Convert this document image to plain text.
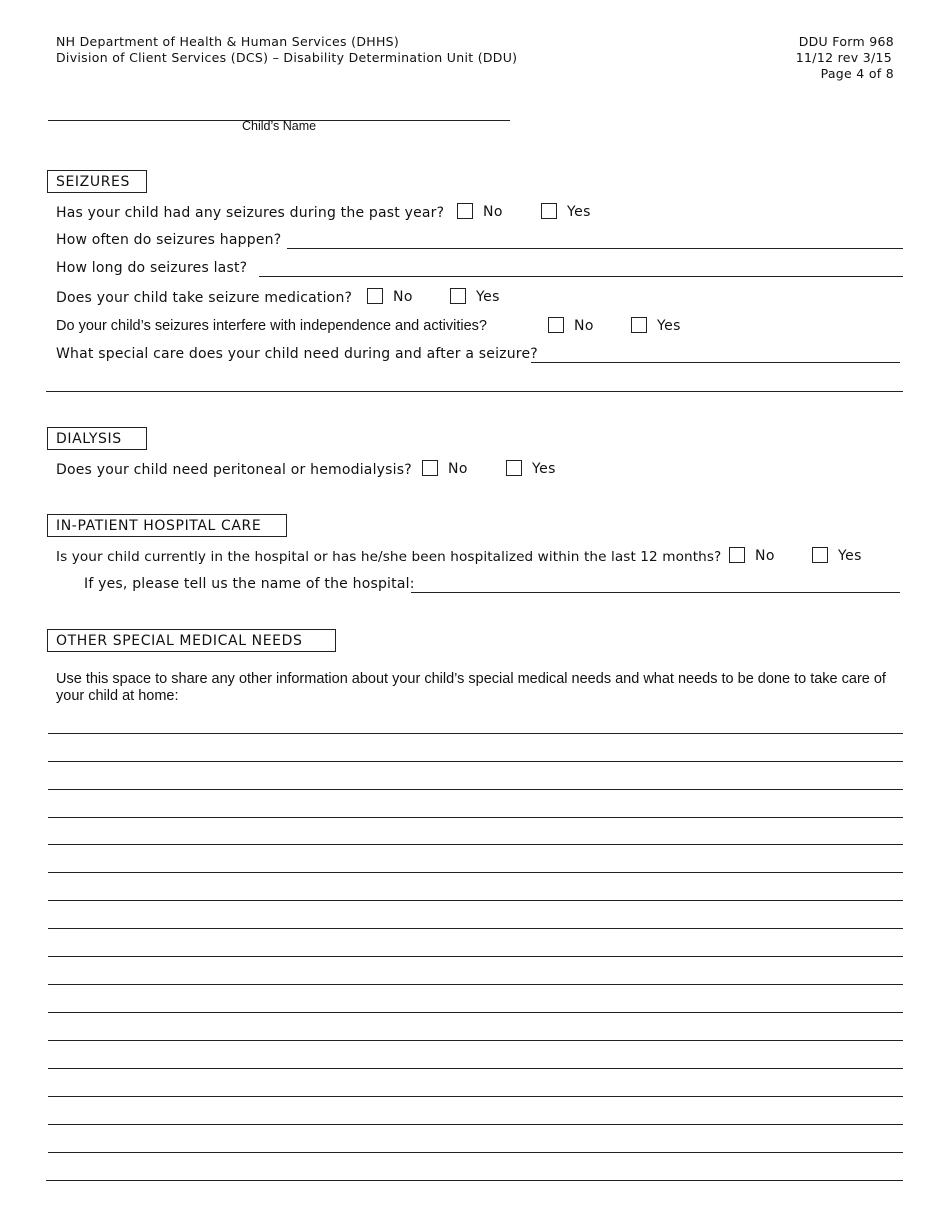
NH Department of Health & Human Services (DHHS)
Division of Client Services (DCS) – Disability Determination Unit (DDU)
DDU Form 968
11/12 rev 3/15
Page 4 of 8
Child’s Name
SEIZURES
Has your child had any seizures during the past year?	No	Yes
How often do seizures happen?
How long do seizures last?
Does your child take seizure medication?	No	Yes
Do your child’s seizures interfere with independence and activities?	No	Yes
What special care does your child need during and after a seizure?
DIALYSIS
Does your child need peritoneal or hemodialysis?	No	Yes
IN-PATIENT HOSPITAL CARE
Is your child currently in the hospital or has he/she been hospitalized within the last 12 months? No	Yes
If yes, please tell us the name of the hospital:
OTHER SPECIAL MEDICAL NEEDS
Use this space to share any other information about your child’s special medical needs and what needs to be done to take care of your child at home:
